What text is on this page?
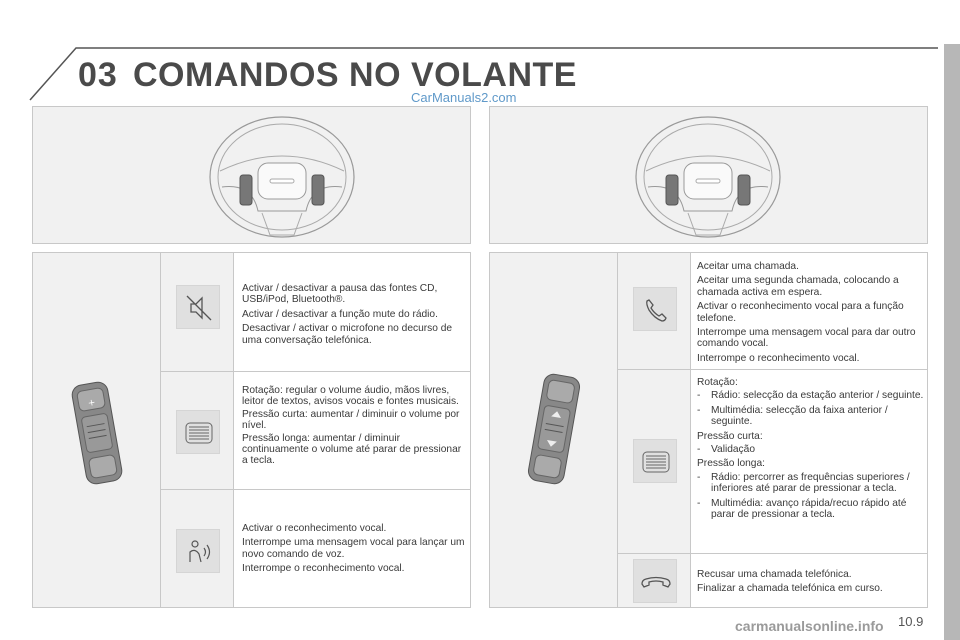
03 COMANDOS NO VOLANTE
CarManuals2.com
+

Activar / desactivar a pausa das fontes CD, USB/iPod, Bluetooth®.

Activar / desactivar a função mute do rádio.

Desactivar / activar o microfone no decurso de uma conversação telefónica.

Rotação: regular o volume áudio, mãos livres, leitor de textos, avisos vocais e fontes musicais.

Pressão curta: aumentar / diminuir o volume por nível.

Pressão longa: aumentar / diminuir continuamente o volume até parar de pressionar a tecla.

Activar o reconhecimento vocal.

Interrompe uma mensagem vocal para lançar um novo comando de voz.

Interrompe o reconhecimento vocal.

Aceitar uma chamada.

Aceitar uma segunda chamada, colocando a chamada activa em espera.

Activar o reconhecimento vocal para a função telefone.

Interrompe uma mensagem vocal para dar outro comando vocal.

Interrompe o reconhecimento vocal.

Rotação:

-	Rádio: selecção da estação anterior / seguinte.
-	Multimédia: selecção da faixa anterior / seguinte.

Pressão curta:

-	Validação

Pressão longa:

-	Rádio: percorrer as frequências superiores / inferiores até parar de pressionar a tecla.
-	Multimédia: avanço rápida/recuo rápido até parar de pressionar a tecla.

Recusar uma chamada telefónica.

Finalizar a chamada telefónica em curso.

carmanualsonline.info 10.9
